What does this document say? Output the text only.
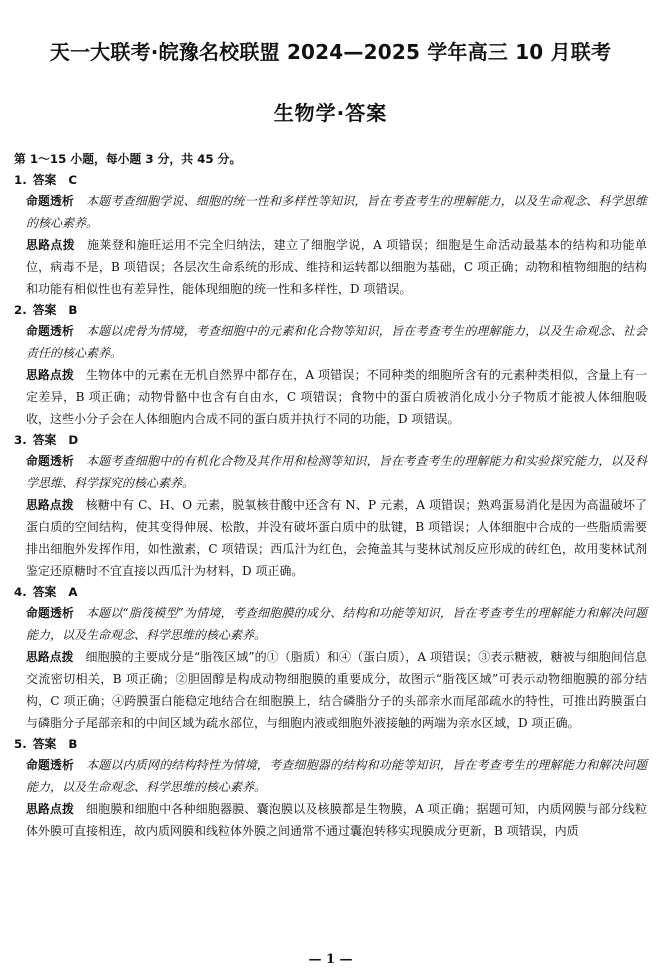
天一大联考·皖豫名校联盟 2024—2025 学年高三 10 月联考
生物学·答案
第 1～15 小题，每小题 3 分，共 45 分。
1. 答案 C
命题透析 本题考查细胞学说、细胞的统一性和多样性等知识，旨在考查考生的理解能力，以及生命观念、科学思维的核心素养。
思路点拨 施莱登和施旺运用不完全归纳法，建立了细胞学说，A 项错误；细胞是生命活动最基本的结构和功能单位，病毒不是，B 项错误；各层次生命系统的形成、维持和运转都以细胞为基础，C 项正确；动物和植物细胞的结构和功能有相似性也有差异性，能体现细胞的统一性和多样性，D 项错误。
2. 答案 B
命题透析 本题以虎骨为情境，考查细胞中的元素和化合物等知识，旨在考查考生的理解能力，以及生命观念、社会责任的核心素养。
思路点拨 生物体中的元素在无机自然界中都存在，A 项错误；不同种类的细胞所含有的元素种类相似，含量上有一定差异，B 项正确；动物骨骼中也含有自由水，C 项错误；食物中的蛋白质被消化成小分子物质才能被人体细胞吸收，这些小分子会在人体细胞内合成不同的蛋白质并执行不同的功能，D 项错误。
3. 答案 D
命题透析 本题考查细胞中的有机化合物及其作用和检测等知识，旨在考查考生的理解能力和实验探究能力，以及科学思维、科学探究的核心素养。
思路点拨 核糖中有 C、H、O 元素，脱氧核苷酸中还含有 N、P 元素，A 项错误；熟鸡蛋易消化是因为高温破坏了蛋白质的空间结构，使其变得伸展、松散，并没有破坏蛋白质中的肽键，B 项错误；人体细胞中合成的一些脂质需要排出细胞外发挥作用，如性激素，C 项错误；西瓜汁为红色，会掩盖其与斐林试剂反应形成的砖红色，故用斐林试剂鉴定还原糖时不宜直接以西瓜汁为材料，D 项正确。
4. 答案 A
命题透析 本题以“脂筏模型”为情境，考查细胞膜的成分、结构和功能等知识，旨在考查考生的理解能力和解决问题能力，以及生命观念、科学思维的核心素养。
思路点拨 细胞膜的主要成分是“脂筏区域”的①（脂质）和④（蛋白质），A 项错误；③表示糖被，糖被与细胞间信息交流密切相关，B 项正确；②胆固醇是构成动物细胞膜的重要成分，故图示“脂筏区域”可表示动物细胞膜的部分结构，C 项正确；④跨膜蛋白能稳定地结合在细胞膜上，结合磷脂分子的头部亲水而尾部疏水的特性，可推出跨膜蛋白与磷脂分子尾部亲和的中间区域为疏水部位，与细胞内液或细胞外液接触的两端为亲水区域，D 项正确。
5. 答案 B
命题透析 本题以内质网的结构特性为情境，考查细胞器的结构和功能等知识，旨在考查考生的理解能力和解决问题能力，以及生命观念、科学思维的核心素养。
思路点拨 细胞膜和细胞中各种细胞器膜、囊泡膜以及核膜都是生物膜，A 项正确；据题可知，内质网膜与部分线粒体外膜可直接相连，故内质网膜和线粒体外膜之间通常不通过囊泡转移实现膜成分更新，B 项错误，内质
— 1 —
